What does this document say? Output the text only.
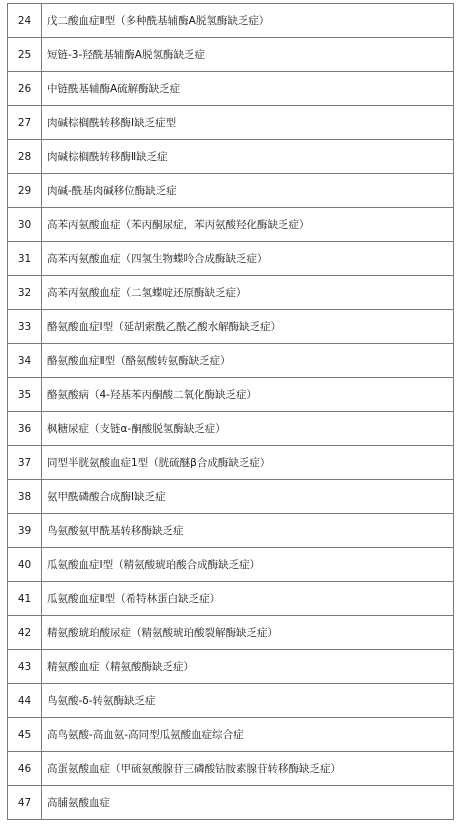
24	戊二酸血症Ⅱ型（多种酰基辅酶A脱氢酶缺乏症）
25	短链-3-羟酰基辅酶A脱氢酶缺乏症
26	中链酰基辅酶A硫解酶缺乏症
27	肉碱棕榈酰转移酶Ⅰ缺乏症型
28	肉碱棕榈酰转移酶Ⅱ缺乏症
29	肉碱-酰基肉碱移位酶缺乏症
30	高苯丙氨酸血症（苯丙酮尿症，苯丙氨酸羟化酶缺乏症）
31	高苯丙氨酸血症（四氢生物蝶呤合成酶缺乏症）
32	高苯丙氨酸血症（二氢蝶啶还原酶缺乏症）
33	酪氨酸血症Ⅰ型（延胡索酰乙酰乙酸水解酶缺乏症）
34	酪氨酸血症Ⅱ型（酪氨酸转氨酶缺乏症）
35	酪氨酸病（4-羟基苯丙酮酸二氧化酶缺乏症）
36	枫糖尿症（支链α-酮酸脱氢酶缺乏症）
37	同型半胱氨酸血症1型（胱硫醚β合成酶缺乏症）
38	氨甲酰磷酸合成酶Ⅰ缺乏症
39	鸟氨酸氨甲酰基转移酶缺乏症
40	瓜氨酸血症Ⅰ型（精氨酸琥珀酸合成酶缺乏症）
41	瓜氨酸血症Ⅱ型（希特林蛋白缺乏症）
42	精氨酸琥珀酸尿症（精氨酸琥珀酸裂解酶缺乏症）
43	精氨酸血症（精氨酸酶缺乏症）
44	鸟氨酸-δ-转氨酶缺乏症
45	高鸟氨酸-高血氨-高同型瓜氨酸血症综合症
46	高蛋氨酸血症（甲硫氨酸腺苷三磷酸钴胺素腺苷转移酶缺乏症）
47	高脯氨酸血症
